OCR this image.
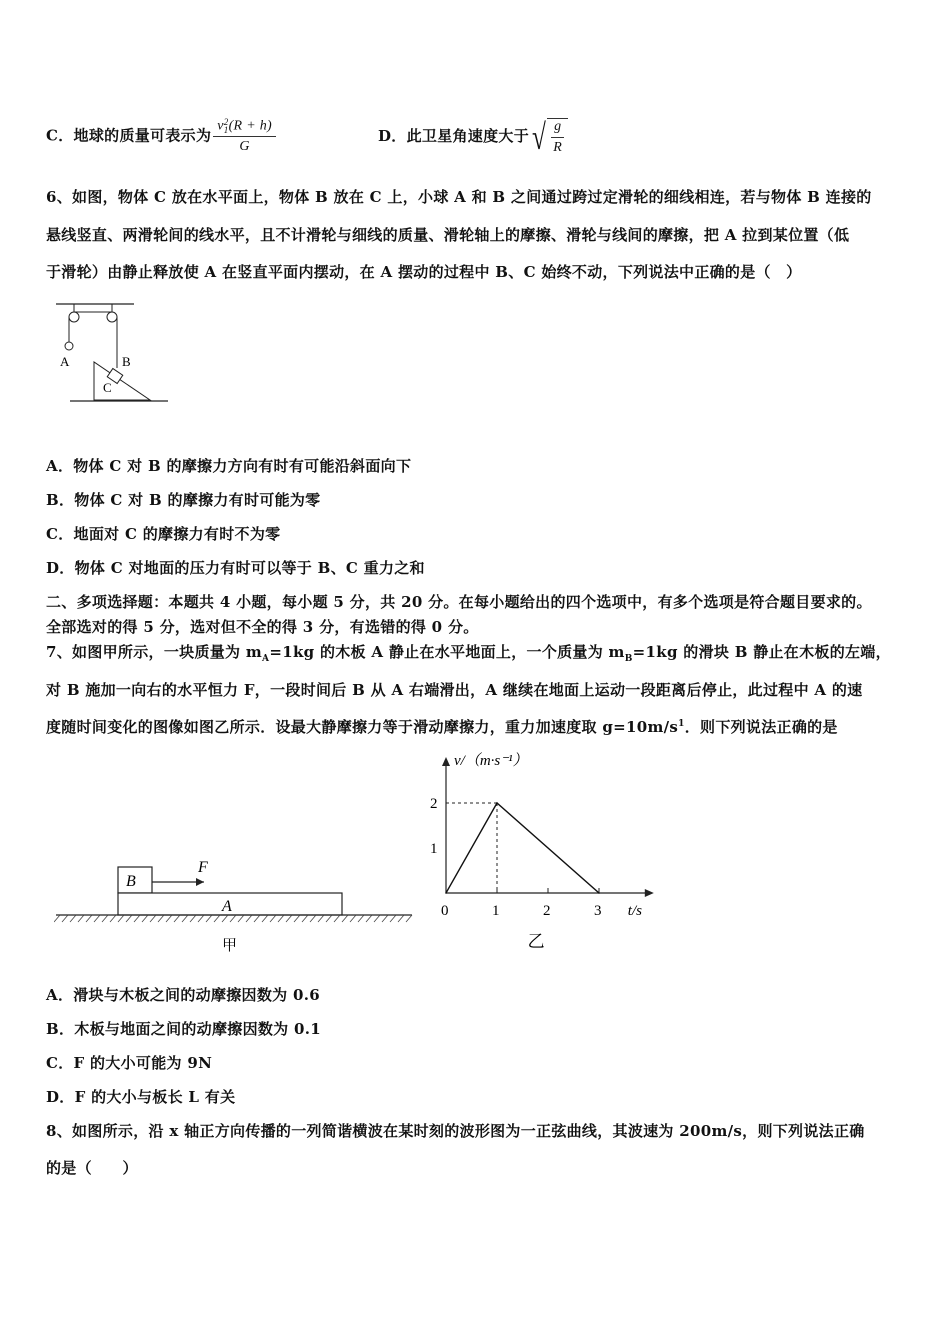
C．地球的质量可表示为 v 2
1 (R + h)
G	D．此卫星角速度大于 √ g
R
6、如图，物体 C 放在水平面上，物体 B 放在 C 上，小球 A 和 B 之间通过跨过定滑轮的细线相连，若与物体 B 连接的
悬线竖直、两滑轮间的线水平，且不计滑轮与细线的质量、滑轮轴上的摩擦、滑轮与线间的摩擦，把 A 拉到某位置（低
于滑轮）由静止释放使 A 在竖直平面内摆动，在 A 摆动的过程中 B、C 始终不动，下列说法中正确的是（　）
A	B
C
A．物体 C 对 B 的摩擦力方向有时有可能沿斜面向下
B．物体 C 对 B 的摩擦力有时可能为零
C．地面对 C 的摩擦力有时不为零
D．物体 C 对地面的压力有时可以等于 B、C 重力之和
二、多项选择题：本题共 4 小题，每小题 5 分，共 20 分。在每小题给出的四个选项中，有多个选项是符合题目要求的。
全部选对的得 5 分，选对但不全的得 3 分，有选错的得 0 分。
7、如图甲所示，一块质量为 $m_A=1kg$ 的木板 A 静止在水平地面上，一个质量为 $m_B=1kg$ 的滑块 B 静止在木板的左端，
对 B 施加一向右的水平恒力 F，一段时间后 B 从 A 右端滑出，A 继续在地面上运动一段距离后停止，此过程中 A 的速
度随时间变化的图像如图乙所示．设最大静摩擦力等于滑动摩擦力，重力加速度取 $g=10m/s^1$．则下列说法正确的是
B
F
A
甲
v/（m·s⁻¹）
t/s
0	1	2	3
1
2
乙
A．滑块与木板之间的动摩擦因数为 0.6
B．木板与地面之间的动摩擦因数为 0.1
C．F 的大小可能为 9N
D．F 的大小与板长 L 有关
8、如图所示，沿 x 轴正方向传播的一列简谐横波在某时刻的波形图为一正弦曲线，其波速为 200m/s，则下列说法正确
的是（　　）
